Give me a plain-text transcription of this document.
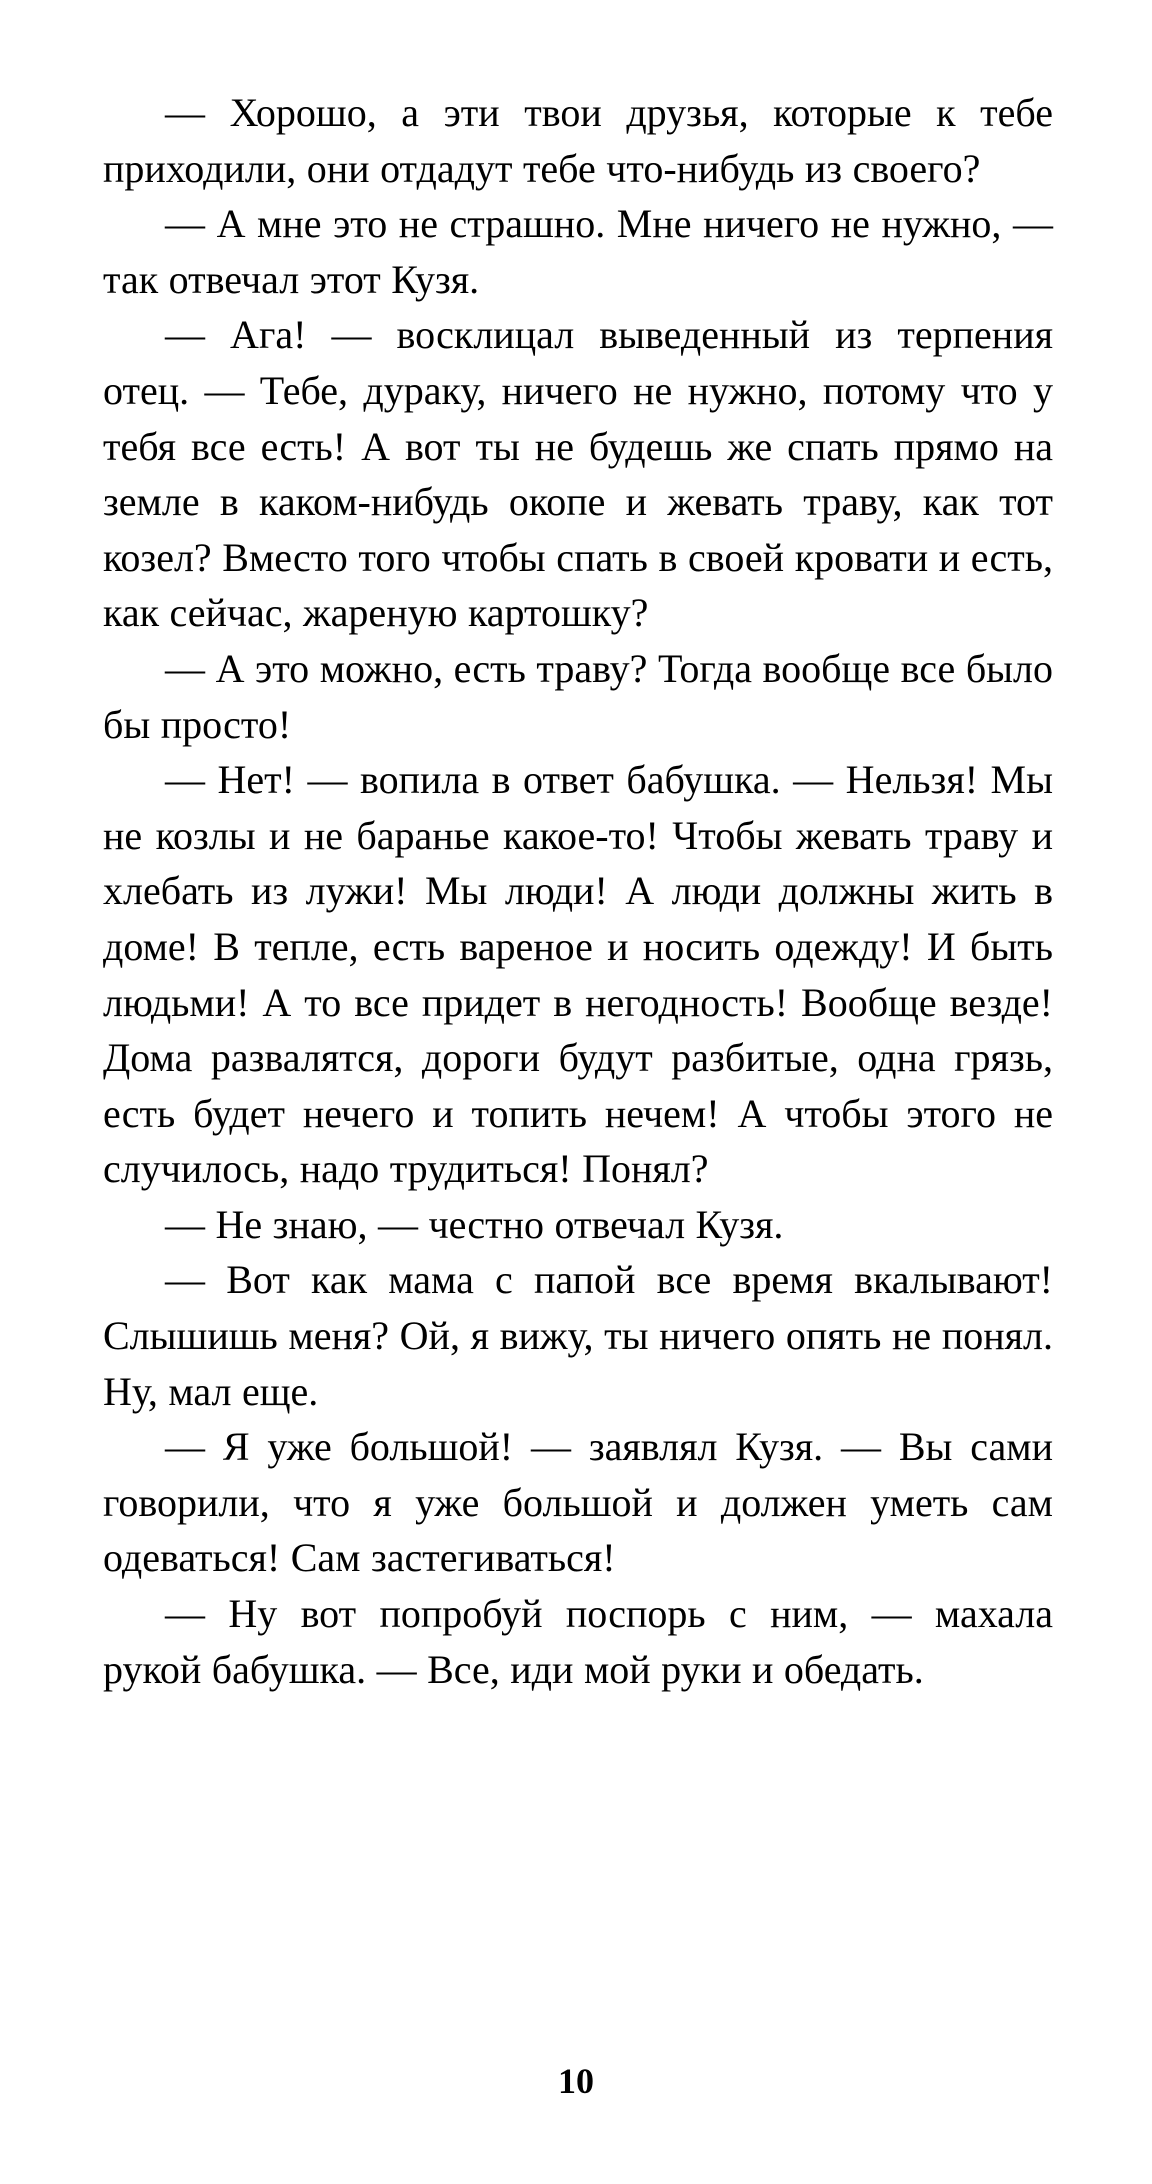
— Хорошо, а эти твои друзья, которые к тебе приходили, они отдадут тебе что-нибудь из своего?

— А мне это не страшно. Мне ничего не нужно, — так отвечал этот Кузя.

— Ага! — восклицал выведенный из терпения отец. — Тебе, дураку, ничего не нужно, потому что у тебя все есть! А вот ты не будешь же спать прямо на земле в каком-нибудь окопе и жевать траву, как тот козел? Вместо того чтобы спать в своей кровати и есть, как сейчас, жареную картошку?

— А это можно, есть траву? Тогда вообще все было бы просто!

— Нет! — вопила в ответ бабушка. — Нельзя! Мы не козлы и не баранье какое-то! Чтобы жевать траву и хлебать из лужи! Мы люди! А люди должны жить в доме! В тепле, есть вареное и носить одежду! И быть людьми! А то все придет в негодность! Вообще везде! Дома развалятся, дороги будут разбитые, одна грязь, есть будет нечего и топить нечем! А чтобы этого не случилось, надо трудиться! Понял?

— Не знаю, — честно отвечал Кузя.

— Вот как мама с папой все время вкалывают! Слышишь меня? Ой, я вижу, ты ничего опять не понял. Ну, мал еще.

— Я уже большой! — заявлял Кузя. — Вы сами говорили, что я уже большой и должен уметь сам одеваться! Сам застегиваться!

— Ну вот попробуй поспорь с ним, — махала рукой бабушка. — Все, иди мой руки и обедать.

10
